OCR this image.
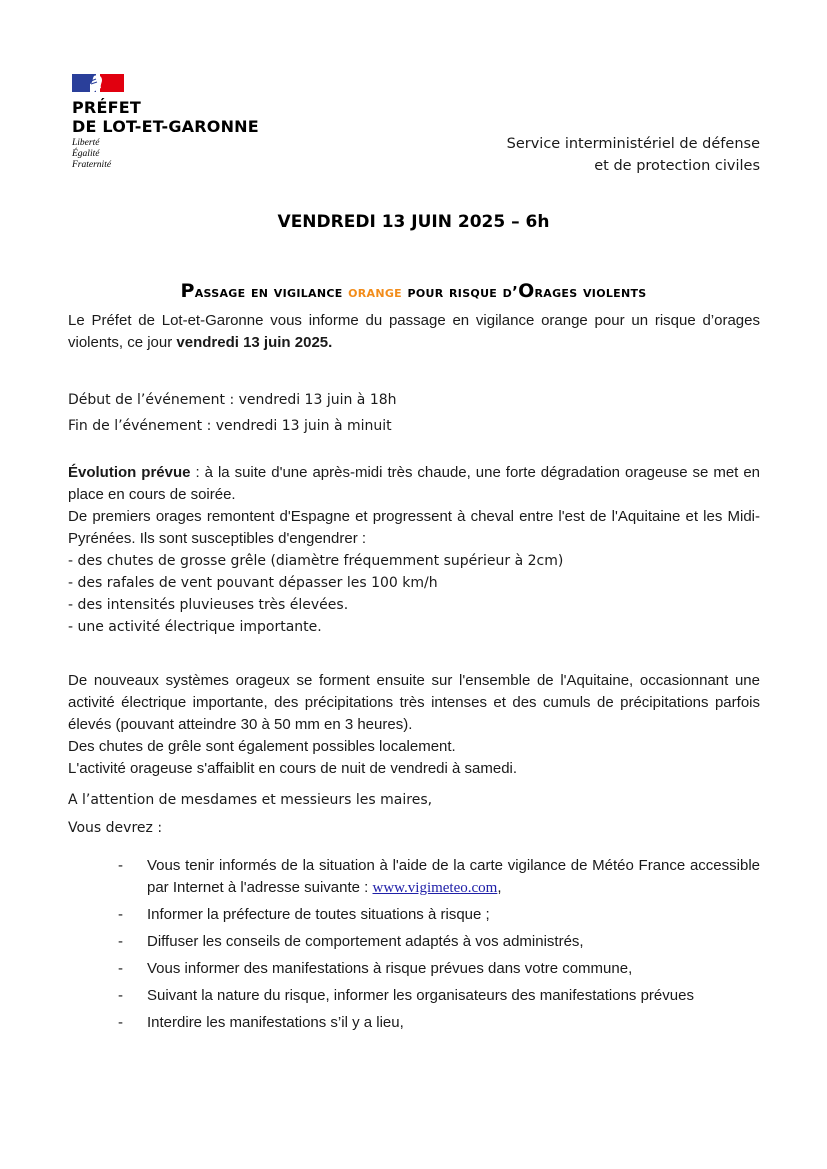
PRÉFET
DE LOT-ET-GARONNE
Liberté
Égalité
Fraternité
Service interministériel de défense
et de protection civiles
VENDREDI 13 JUIN 2025 – 6h
Passage en vigilance orange pour risque d’Orages violents

Le Préfet de Lot-et-Garonne vous informe du passage en vigilance orange pour un risque d’orages violents, ce jour vendredi 13 juin 2025.

Début de l’événement : vendredi 13 juin à 18h

Fin de l’événement : vendredi 13 juin à minuit

Évolution prévue : à la suite d'une après-midi très chaude, une forte dégradation orageuse se met en place en cours de soirée.

De premiers orages remontent d'Espagne et progressent à cheval entre l'est de l'Aquitaine et les Midi-Pyrénées. Ils sont susceptibles d'engendrer :

- des chutes de grosse grêle (diamètre fréquemment supérieur à 2cm)

- des rafales de vent pouvant dépasser les 100 km/h

- des intensités pluvieuses très élevées.

- une activité électrique importante.

De nouveaux systèmes orageux se forment ensuite sur l'ensemble de l'Aquitaine, occasionnant une activité électrique importante, des précipitations très intenses et des cumuls de précipitations parfois élevés (pouvant atteindre 30 à 50 mm en 3 heures).

Des chutes de grêle sont également possibles localement.

L'activité orageuse s'affaiblit en cours de nuit de vendredi à samedi.

A l’attention de mesdames et messieurs les maires,

Vous devrez :

-	Vous tenir informés de la situation à l'aide de la carte vigilance de Météo France accessible par Internet à l'adresse suivante : www.vigimeteo.com,
-	Informer la préfecture de toutes situations à risque ;
-	Diffuser les conseils de comportement adaptés à vos administrés,
-	Vous informer des manifestations à risque prévues dans votre commune,
-	Suivant la nature du risque, informer les organisateurs des manifestations prévues
-	Interdire les manifestations s’il y a lieu,
